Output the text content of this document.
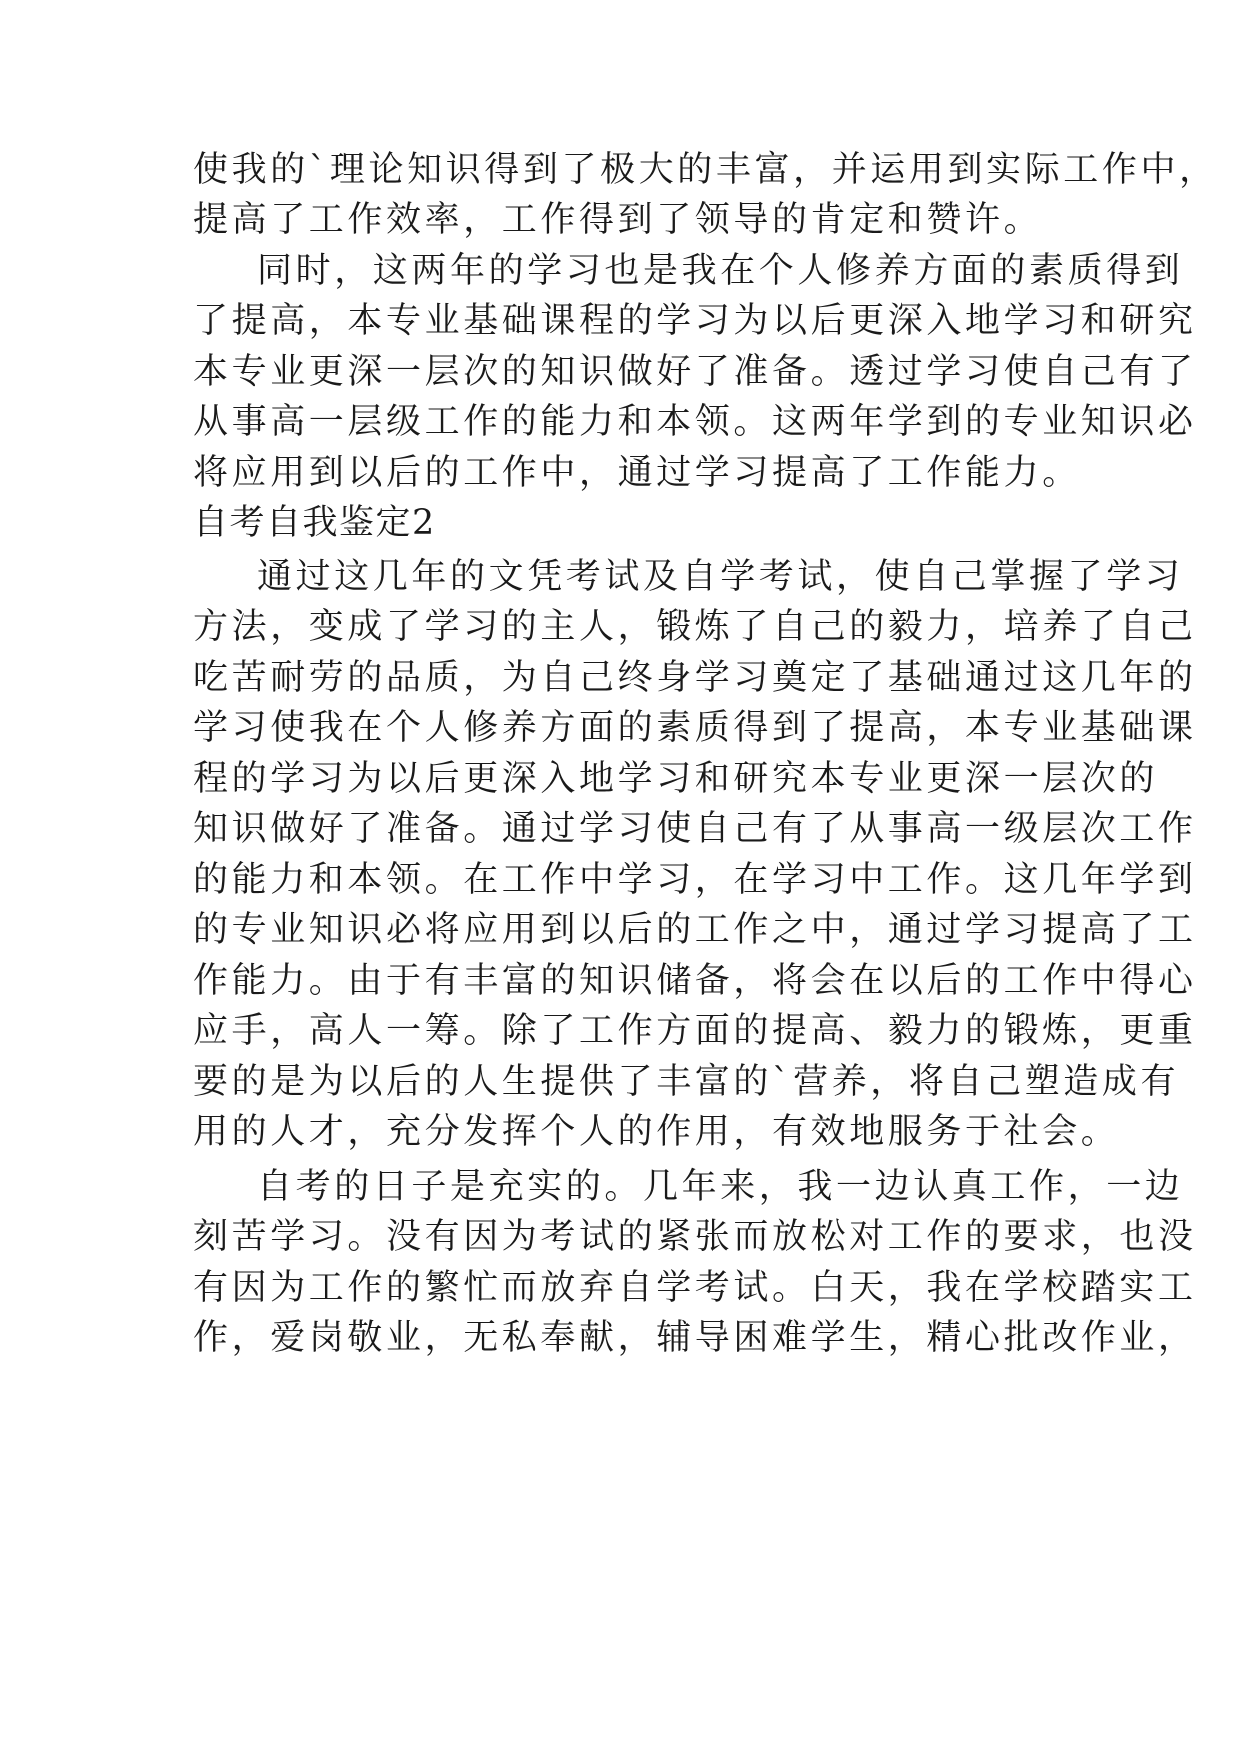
使我的`理论知识得到了极大的丰富，并运用到实际工作中，
提高了工作效率，工作得到了领导的肯定和赞许。
同时，这两年的学习也是我在个人修养方面的素质得到
了提高，本专业基础课程的学习为以后更深入地学习和研究
本专业更深一层次的知识做好了准备。透过学习使自己有了
从事高一层级工作的能力和本领。这两年学到的专业知识必
将应用到以后的工作中，通过学习提高了工作能力。
自考自我鉴定2
通过这几年的文凭考试及自学考试，使自己掌握了学习
方法，变成了学习的主人，锻炼了自己的毅力，培养了自己
吃苦耐劳的品质，为自己终身学习奠定了基础通过这几年的
学习使我在个人修养方面的素质得到了提高，本专业基础课
程的学习为以后更深入地学习和研究本专业更深一层次的
知识做好了准备。通过学习使自己有了从事高一级层次工作
的能力和本领。在工作中学习，在学习中工作。这几年学到
的专业知识必将应用到以后的工作之中，通过学习提高了工
作能力。由于有丰富的知识储备，将会在以后的工作中得心
应手，高人一筹。除了工作方面的提高、毅力的锻炼，更重
要的是为以后的人生提供了丰富的`营养，将自己塑造成有
用的人才，充分发挥个人的作用，有效地服务于社会。
自考的日子是充实的。几年来，我一边认真工作，一边
刻苦学习。没有因为考试的紧张而放松对工作的要求，也没
有因为工作的繁忙而放弃自学考试。白天，我在学校踏实工
作，爱岗敬业，无私奉献，辅导困难学生，精心批改作业，
